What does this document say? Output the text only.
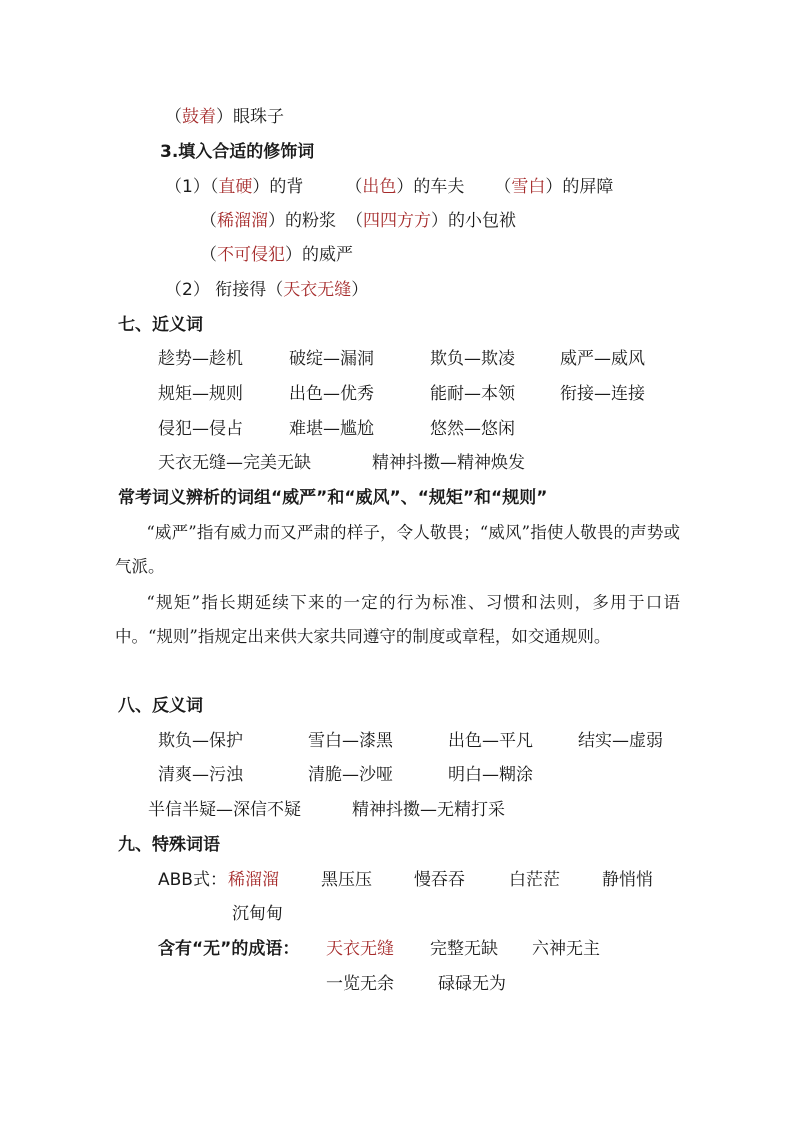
（鼓着）眼珠子
3.填入合适的修饰词
（1）（直硬）的背 （出色）的车夫 （雪白）的屏障
（稀溜溜）的粉浆 （四四方方）的小包袱
（不可侵犯）的威严
（2） 衔接得（天衣无缝）
七、近义词
趁势—趁机	破绽—漏洞	欺负—欺凌	威严—威风
规矩—规则	出色—优秀	能耐—本领	衔接—连接
侵犯—侵占	难堪—尴尬	悠然—悠闲
天衣无缝—完美无缺	精神抖擞—精神焕发
常考词义辨析的词组“威严”和“威风”、“规矩”和“规则”
“威严”指有威力而又严肃的样子，令人敬畏；“威风”指使人敬畏的声势或气派。
“规矩”指长期延续下来的一定的行为标准、习惯和法则，多用于口语中。“规则”指规定出来供大家共同遵守的制度或章程，如交通规则。
八、反义词
欺负—保护	雪白—漆黑	出色—平凡	结实—虚弱
清爽—污浊	清脆—沙哑	明白—糊涂
半信半疑—深信不疑	精神抖擞—无精打采
九、特殊词语
ABB式： 稀溜溜 黑压压 慢吞吞	白茫茫 静悄悄
沉甸甸
含有“无”的成语： 天衣无缝 完整无缺 六神无主
一览无余	碌碌无为
